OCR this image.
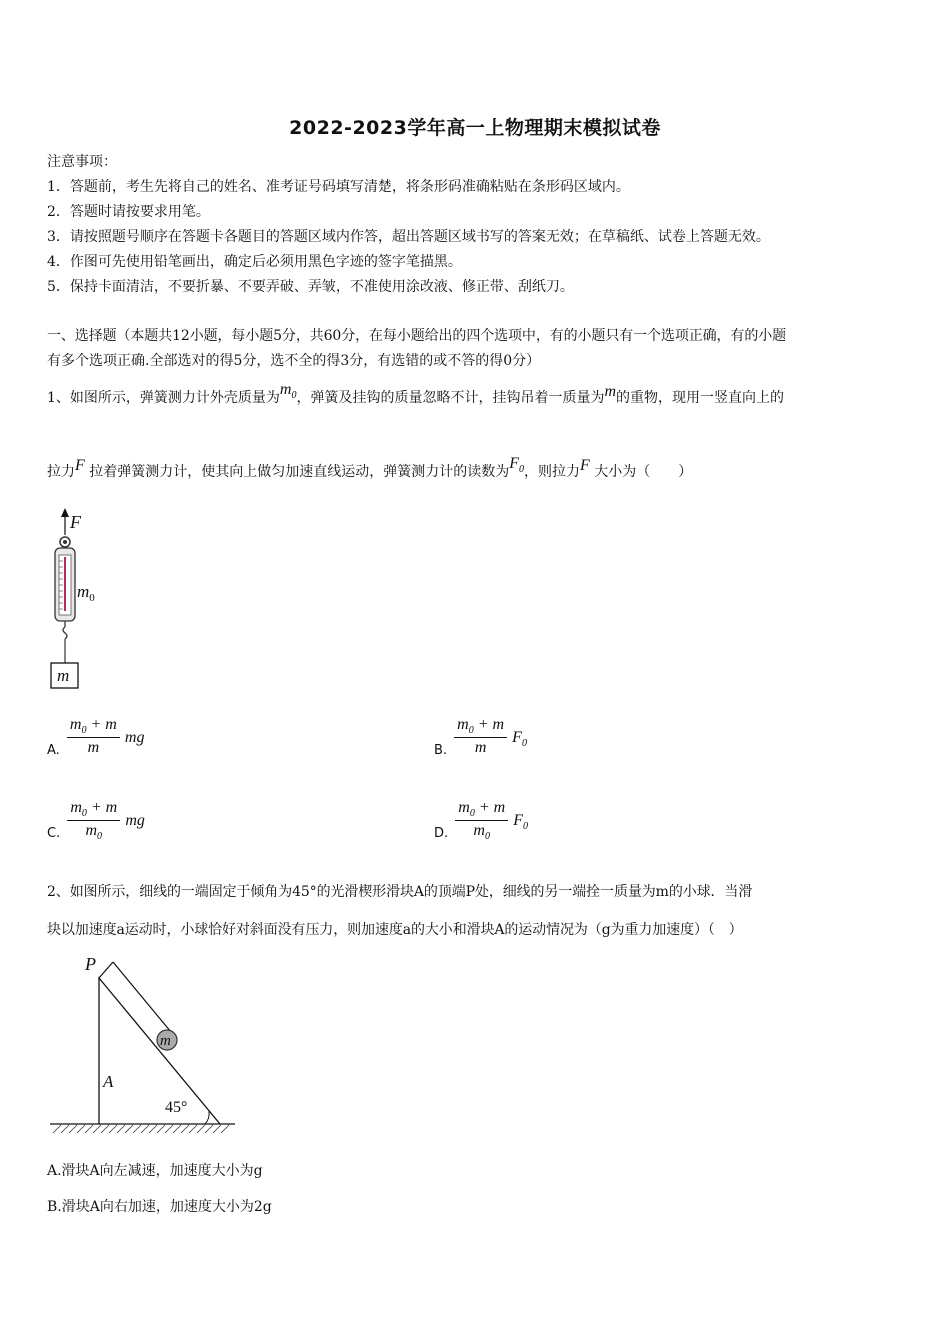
2022-2023学年高一上物理期末模拟试卷
注意事项：
1．答题前，考生先将自己的姓名、准考证号码填写清楚，将条形码准确粘贴在条形码区域内。
2．答题时请按要求用笔。
3．请按照题号顺序在答题卡各题目的答题区域内作答，超出答题区域书写的答案无效；在草稿纸、试卷上答题无效。
4．作图可先使用铅笔画出，确定后必须用黑色字迹的签字笔描黑。
5．保持卡面清洁，不要折暴、不要弄破、弄皱，不准使用涂改液、修正带、刮纸刀。
一、选择题（本题共12小题，每小题5分，共60分，在每小题给出的四个选项中，有的小题只有一个选项正确，有的小题
有多个选项正确.全部选对的得5分，选不全的得3分，有选错的或不答的得0分）
1、如图所示，弹簧测力计外壳质量为$m_0$，弹簧及挂钩的质量忽略不计，挂钩吊着一质量为m的重物，现用一竖直向上的
拉力F 拉着弹簧测力计，使其向上做匀加速直线运动，弹簧测力计的读数为$F_0$，则拉力F 大小为（　　）
F
$m_0$
m
$_{A.} \frac{m_0 + m}{m}$ mg
$_{B.} \frac{m_0 + m}{m} F_0$
$_{C.} \frac{m_0 + m}{m_0}$ mg
$_{D.} \frac{m_0 + m}{m_0} F_0$
2、如图所示，细线的一端固定于倾角为45°的光滑楔形滑块A的顶端P处，细线的另一端拴一质量为m的小球．当滑
块以加速度a运动时，小球恰好对斜面没有压力，则加速度a的大小和滑块A的运动情况为（g为重力加速度）（　）
P
A
m
45°
A.滑块A向左减速，加速度大小为g
B.滑块A向右加速，加速度大小为2g
